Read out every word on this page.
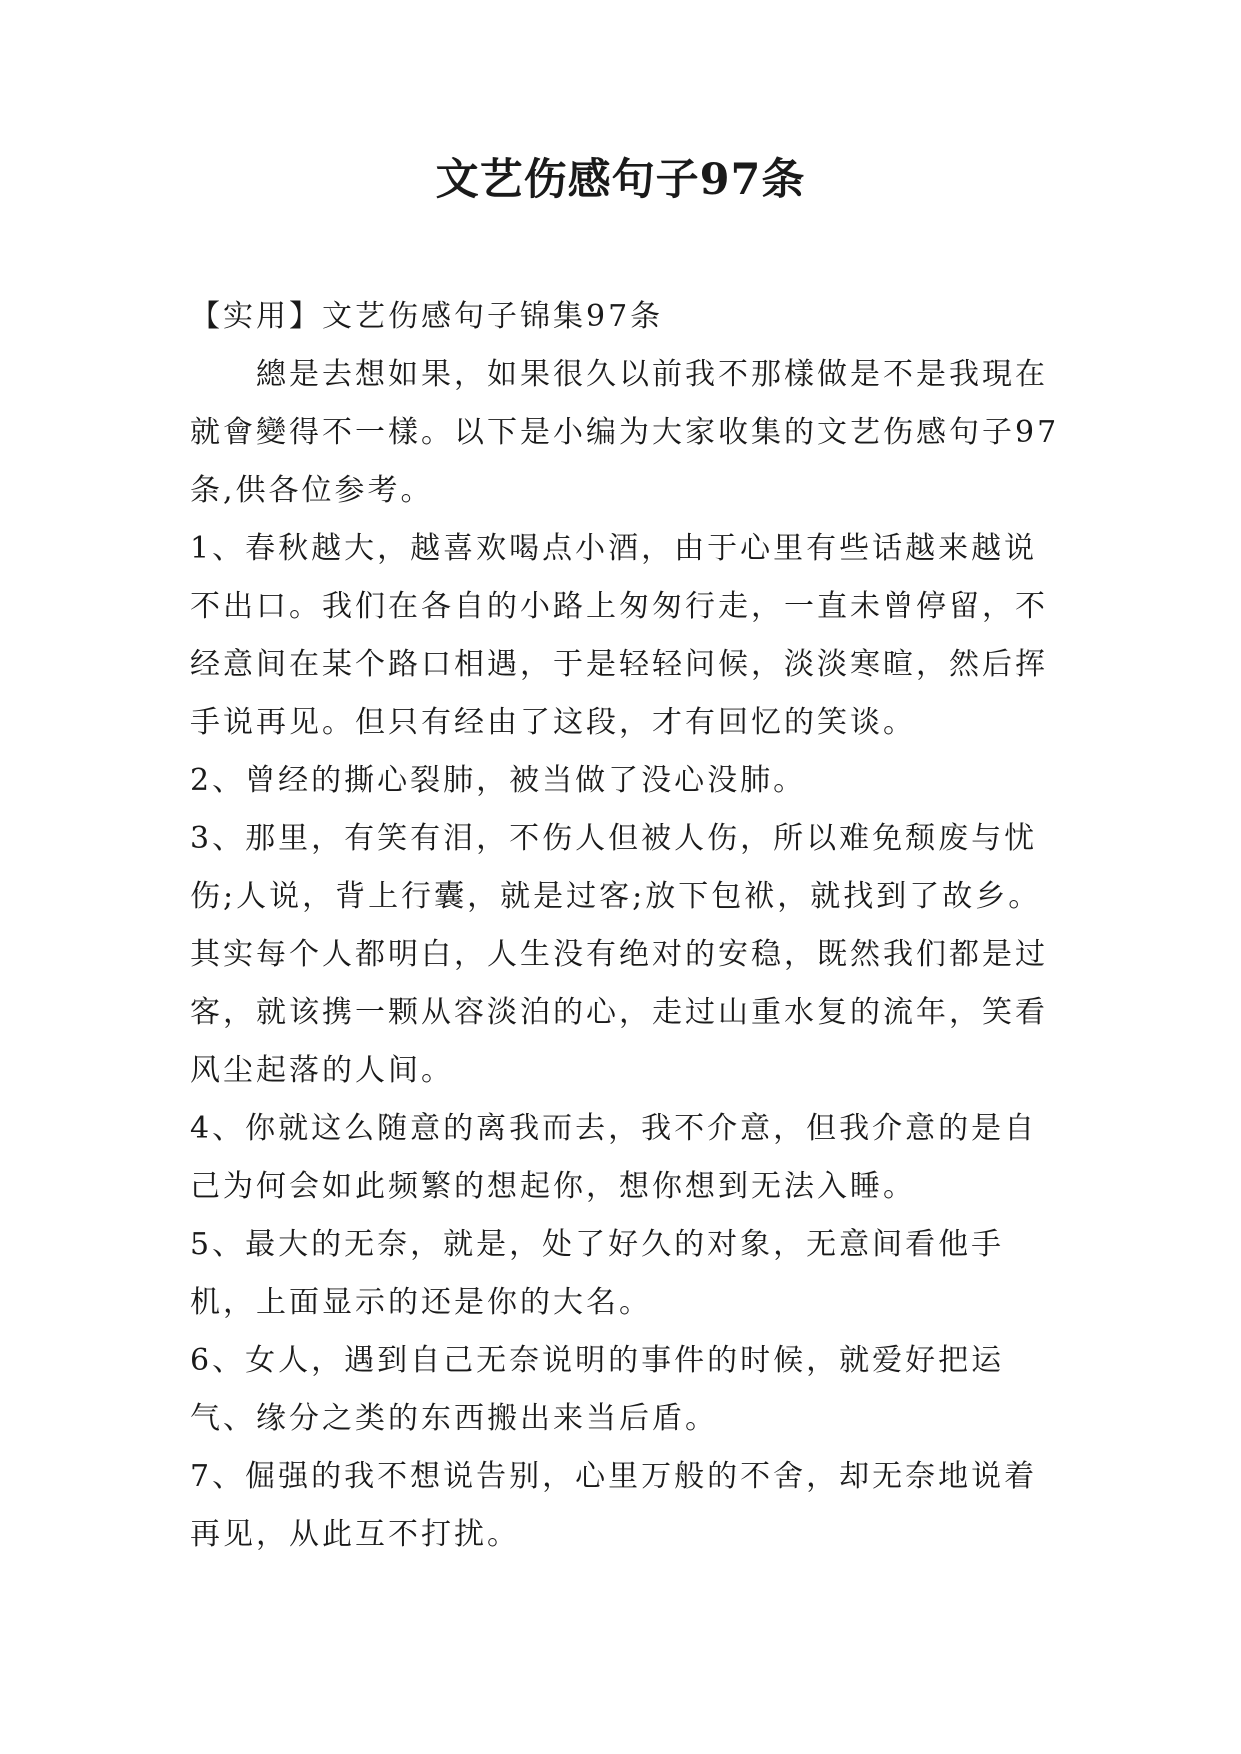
文艺伤感句子97条

【实用】文艺伤感句子锦集97条

總是去想如果，如果很久以前我不那樣做是不是我現在就會變得不一樣。以下是小编为大家收集的文艺伤感句子97条,供各位参考。

1、春秋越大，越喜欢喝点小酒，由于心里有些话越来越说不出口。我们在各自的小路上匆匆行走，一直未曾停留，不经意间在某个路口相遇，于是轻轻问候，淡淡寒暄，然后挥手说再见。但只有经由了这段，才有回忆的笑谈。

2、曾经的撕心裂肺，被当做了没心没肺。

3、那里，有笑有泪，不伤人但被人伤，所以难免颓废与忧伤;人说，背上行囊，就是过客;放下包袱，就找到了故乡。其实每个人都明白，人生没有绝对的安稳，既然我们都是过客，就该携一颗从容淡泊的心，走过山重水复的流年，笑看风尘起落的人间。

4、你就这么随意的离我而去，我不介意，但我介意的是自己为何会如此频繁的想起你，想你想到无法入睡。

5、最大的无奈，就是，处了好久的对象，无意间看他手机，上面显示的还是你的大名。

6、女人，遇到自己无奈说明的事件的时候，就爱好把运气、缘分之类的东西搬出来当后盾。

7、倔强的我不想说告别，心里万般的不舍，却无奈地说着再见，从此互不打扰。
